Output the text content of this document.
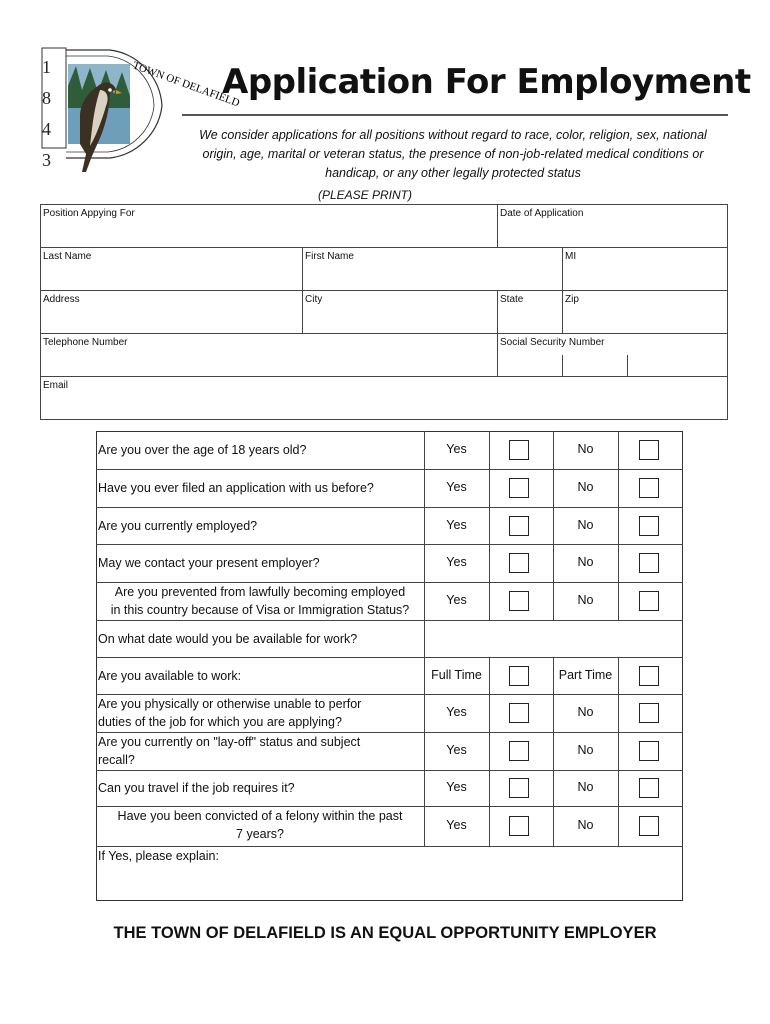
1
8
4
3
TOWN OF DELAFIELD
Application For Employment
We consider applications for all positions without regard to race, color, religion, sex, national
origin, age, marital or veteran status, the presence of non-job-related medical conditions or
handicap, or any other legally protected status
(PLEASE PRINT)
Position Appying For	Date of Application
Last Name	First Name	MI
Address	City	State	Zip
Telephone Number	Social Security Number
Email
Are you over the age of 18 years old?	Yes	No
Have you ever filed an application with us before?	Yes	No
Are you currently employed?	Yes	No
May we contact your present employer?	Yes	No
Are you prevented from lawfully becoming employed
in this country because of Visa or Immigration Status?
Yes	No
On what date would you be available for work?
Are you available to work:	Full Time	Part Time
Are you physically or otherwise unable to perfor
duties of the job for which you are applying?
Yes	No
Are you currently on "lay-off" status and subject
recall?
Yes	No
Can you travel if the job requires it?	Yes	No
Have you been convicted of a felony within the past
7 years?
Yes	No
If Yes, please explain:
THE TOWN OF DELAFIELD IS AN EQUAL OPPORTUNITY EMPLOYER
